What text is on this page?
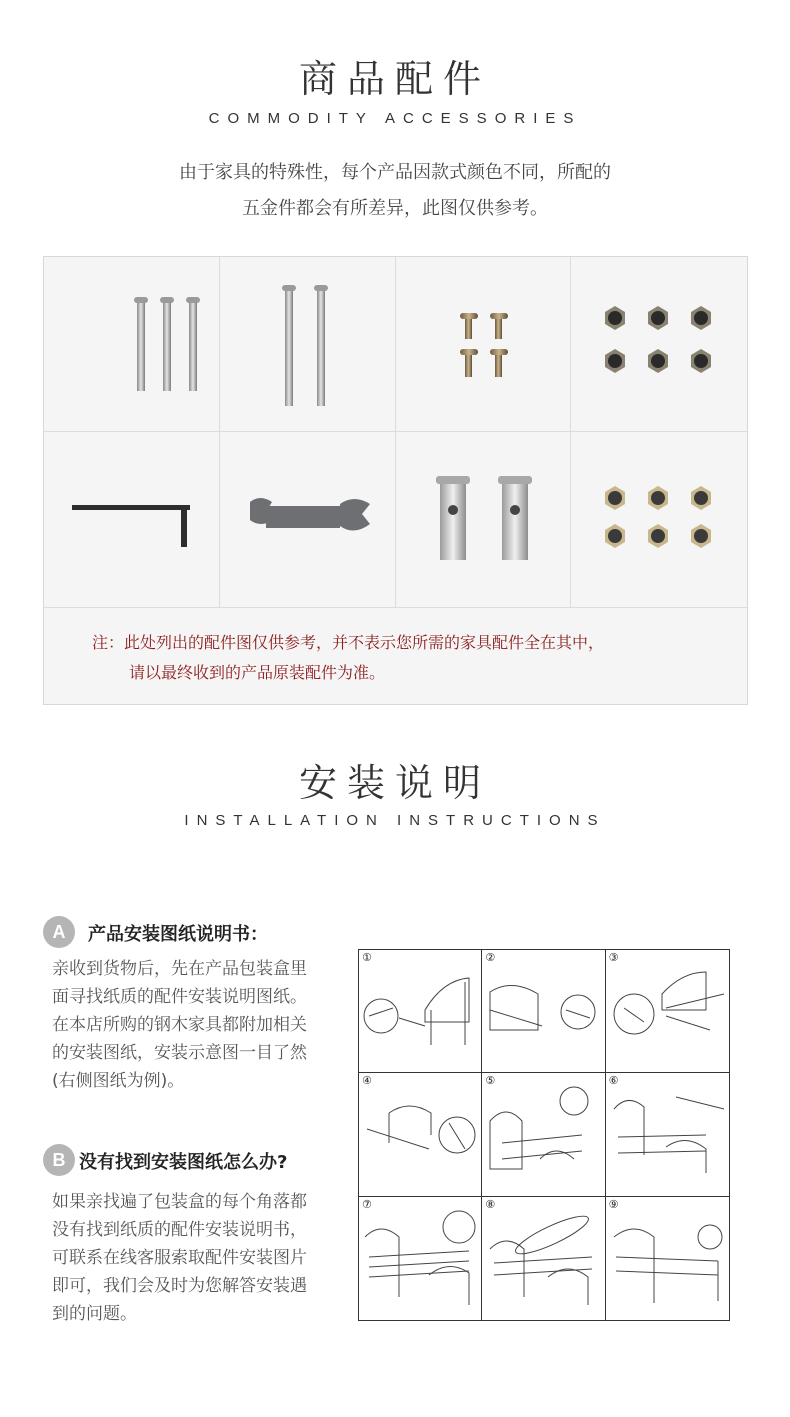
商品配件
COMMODITY ACCESSORIES
由于家具的特殊性，每个产品因款式颜色不同，所配的
五金件都会有所差异，此图仅供参考。
注：此处列出的配件图仅供参考，并不表示您所需的家具配件全在其中，
请以最终收到的产品原装配件为准。
安装说明
INSTALLATION INSTRUCTIONS
A	产品安装图纸说明书：
亲收到货物后，先在产品包装盒里
面寻找纸质的配件安装说明图纸。
在本店所购的钢木家具都附加相关
的安装图纸，安装示意图一目了然
(右侧图纸为例)。
B 没有找到安装图纸怎么办?
如果亲找遍了包装盒的每个角落都
没有找到纸质的配件安装说明书，
可联系在线客服索取配件安装图片
即可，我们会及时为您解答安装遇
到的问题。
①	②	③
④	⑤	⑥
⑦	⑧	⑨
